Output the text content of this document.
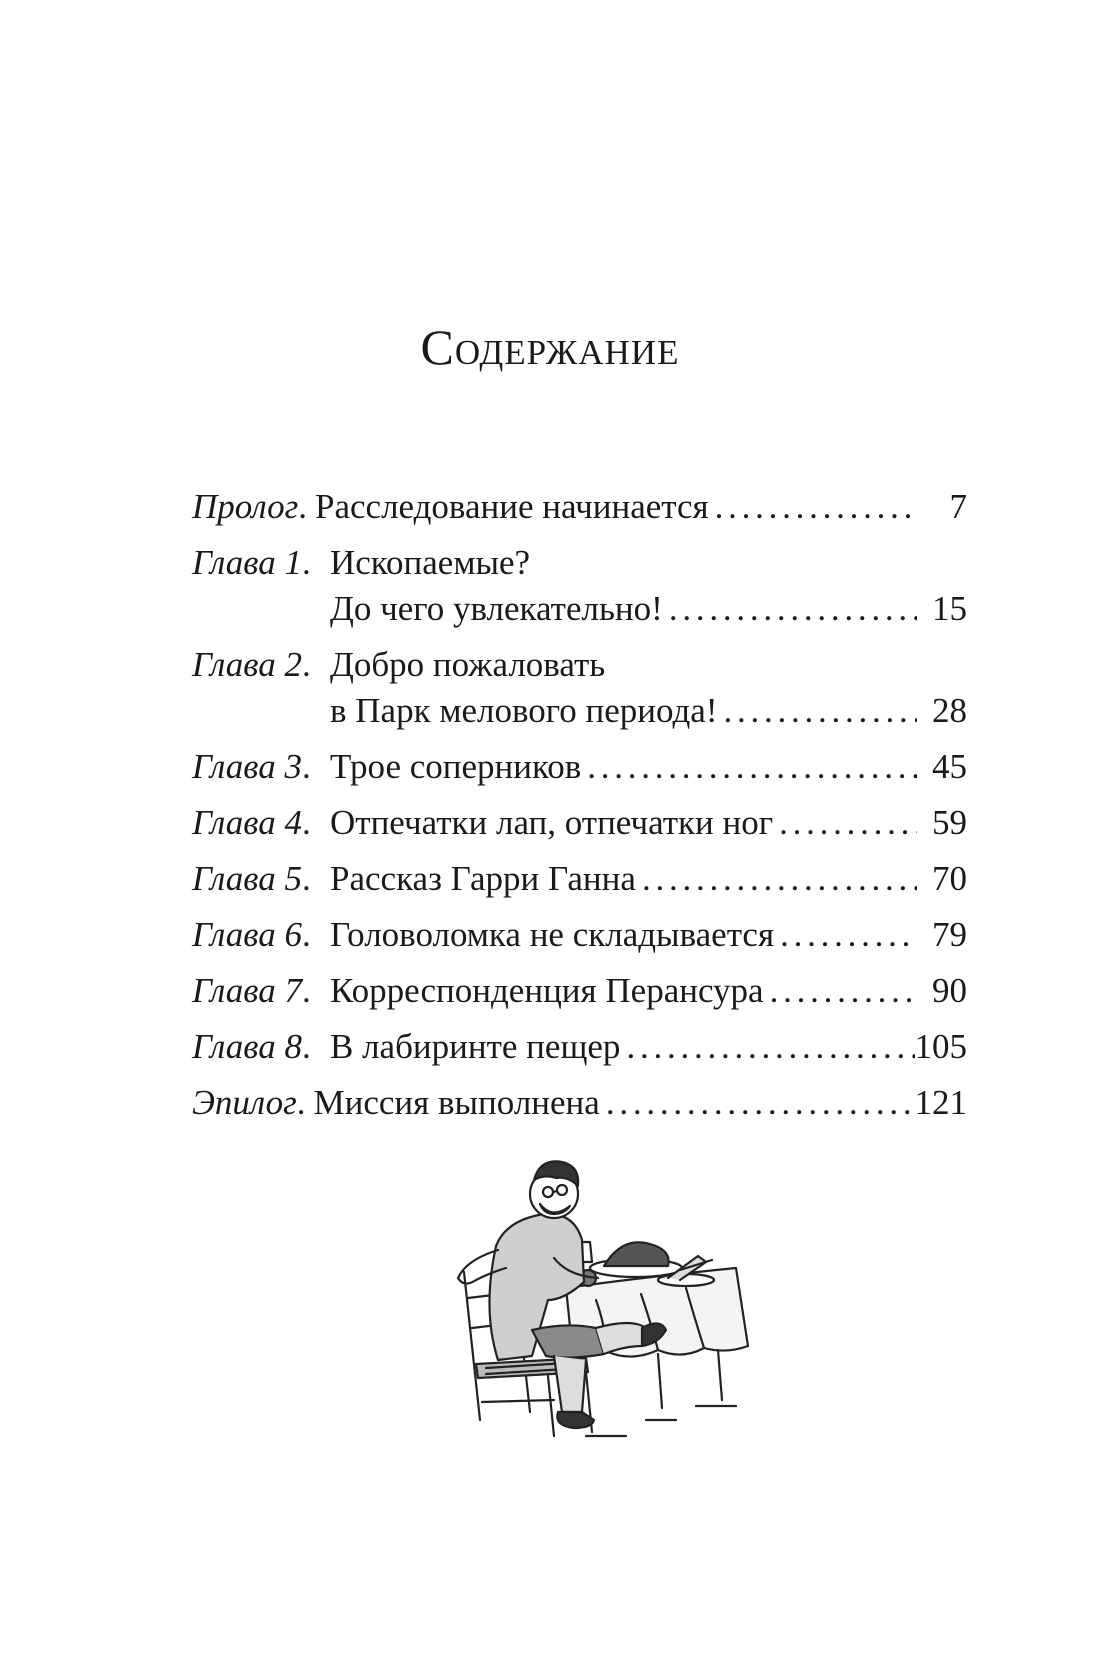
Содержание
Пролог. Расследование начинается . . .	7
Глава 1. Ископаемые?
До чего увлекательно! . . .	15
Глава 2. Добро пожаловать
в Парк мелового периода! . . .	28
Глава 3. Трое соперников . . .	45
Глава 4. Отпечатки лап, отпечатки ног . . .	59
Глава 5. Рассказ Гарри Ганна . . .	70
Глава 6. Головоломка не складывается . . .	79
Глава 7. Корреспонденция Перансура . . .	90
Глава 8. В лабиринте пещер . . .	105
Эпилог. Миссия выполнена . . .	121
